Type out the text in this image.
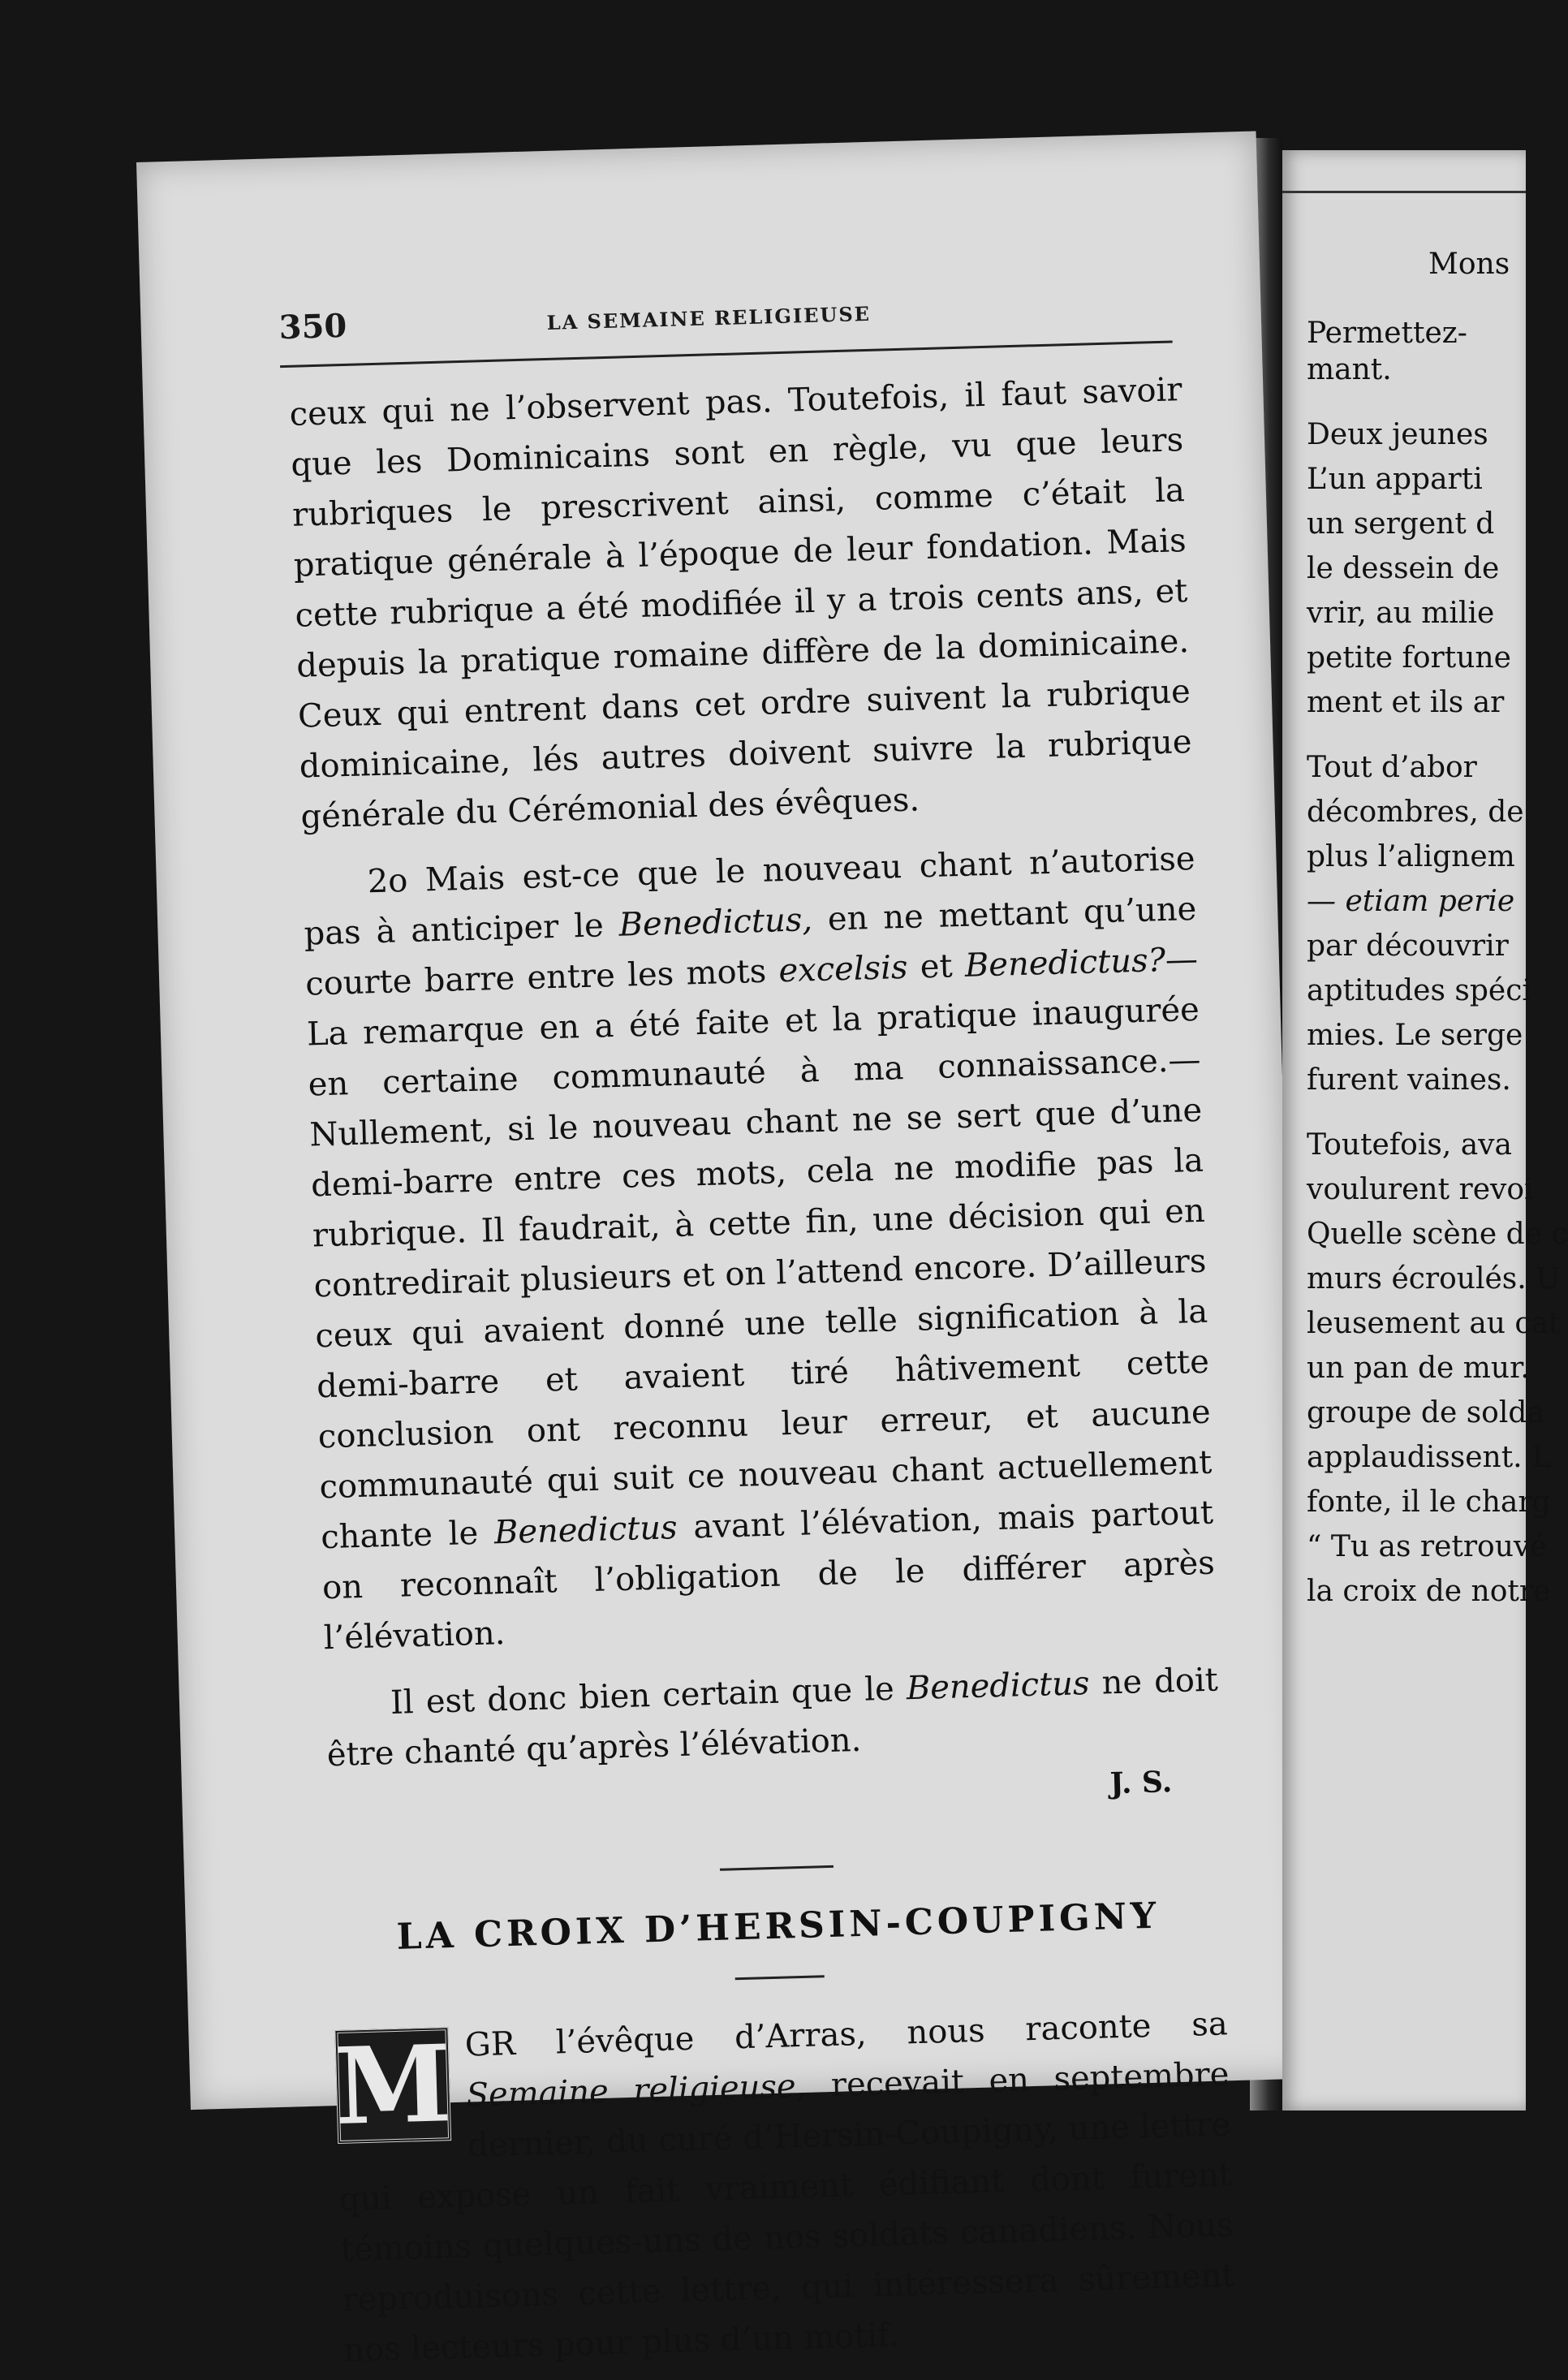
350	LA SEMAINE RELIGIEUSE

ceux qui ne l’observent pas. Toutefois, il faut savoir que les Dominicains sont en règle, vu que leurs rubriques le prescrivent ainsi, comme c’était la pratique générale à l’époque de leur fondation. Mais cette rubrique a été modifiée il y a trois cents ans, et depuis la pratique romaine diffère de la dominicaine. Ceux qui entrent dans cet ordre suivent la rubrique dominicaine, lés autres doivent suivre la rubrique générale du Cérémonial des évêques.

2o Mais est-ce que le nouveau chant n’autorise pas à anticiper le Benedictus, en ne mettant qu’une courte barre entre les mots excelsis et Benedictus?—La remarque en a été faite et la pratique inaugurée en certaine communauté à ma connaissance.—Nullement, si le nouveau chant ne se sert que d’une demi-barre entre ces mots, cela ne modifie pas la rubrique. Il faudrait, à cette fin, une décision qui en contredirait plusieurs et on l’attend encore. D’ailleurs ceux qui avaient donné une telle signification à la demi-barre et avaient tiré hâtivement cette conclusion ont reconnu leur erreur, et aucune communauté qui suit ce nouveau chant actuellement chante le Benedictus avant l’élévation, mais partout on reconnaît l’obligation de le différer après l’élévation.

Il est donc bien certain que le Benedictus ne doit être chanté qu’après l’élévation.

J. S.

LA CROIX D’HERSIN-COUPIGNY
M GR l’évêque d’Arras, nous raconte sa Semaine religieuse, recevait en septembre dernier, du curé d’Hersin-Coupigny, une lettre qui expose un fait vraiment édifiant dont furent témoins quelques-uns de nos soldats canadiens. Nous reproduisons cette lettre, qui intéressera sûrement nos lecteurs pour plus d’un motif.

Mons
Permettez-
mant.
Deux jeunes
L’un apparti
un sergent d
le dessein de
vrir, au milie
petite fortune
ment et ils ar
Tout d’abor
décombres, de
plus l’alignem
— etiam perie
par découvrir
aptitudes spéci
mies. Le serge
furent vaines.
Toutefois, ava
voulurent revoi
Quelle scène de c
murs écroulés. U
leusement au cat
un pan de mur.
groupe de solda
applaudissent. L
fonte, il le charg
“ Tu as retrouvé
la croix de notre
